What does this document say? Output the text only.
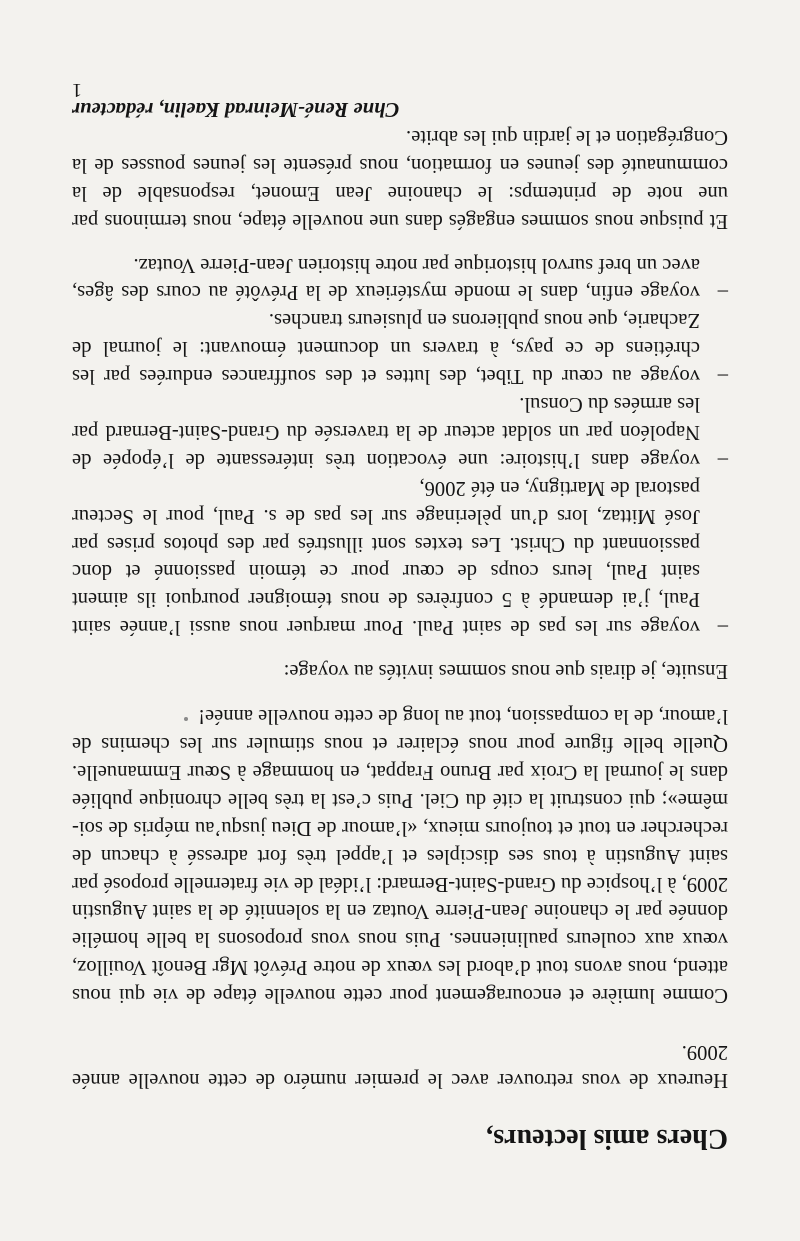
Chers amis lecteurs,

Heureux de vous retrouver avec le premier numéro de cette nouvelle année 2009.

Comme lumière et encouragement pour cette nouvelle étape de vie qui nous attend, nous avons tout d’abord les vœux de notre Prévôt Mgr Benoît Vouilloz, vœux aux couleurs pauliniennes. Puis nous vous proposons la belle homélie donnée par le chanoine Jean-Pierre Voutaz en la solennité de la saint Augustin 2009, à l’hospice du Grand-Saint-Bernard: l’idéal de vie fraternelle proposé par saint Augustin à tous ses disciples et l’appel très fort adressé à chacun de rechercher en tout et toujours mieux, «l’amour de Dieu jusqu’au mépris de soi-même»; qui construit la cité du Ciel. Puis c’est la très belle chronique publiée dans le journal la Croix par Bruno Frappat, en hommage à Sœur Emmanuelle. Quelle belle figure pour nous éclairer et nous stimuler sur les chemins de l’amour, de la compassion, tout au long de cette nouvelle année!

Ensuite, je dirais que nous sommes invités au voyage:

–
voyage sur les pas de saint Paul. Pour marquer nous aussi l’année saint Paul, j’ai demandé à 5 confrères de nous témoigner pourquoi ils aiment saint Paul, leurs coups de cœur pour ce témoin passionné et donc passionnant du Christ. Les textes sont illustrés par des photos prises par José Mittaz, lors d’un pèlerinage sur les pas de s. Paul, pour le Secteur pastoral de Martigny, en été 2006,
–
voyage dans l’histoire: une évocation très intéressante de l’épopée de Napoléon par un soldat acteur de la traversée du Grand-Saint-Bernard par les armées du Consul.
–
voyage au cœur du Tibet, des luttes et des souffrances endurées par les chrétiens de ce pays, à travers un document émouvant: le journal de Zacharie, que nous publierons en plusieurs tranches.
–
voyage enfin, dans le monde mystérieux de la Prévôté au cours des âges, avec un bref survol historique par notre historien Jean-Pierre Voutaz.

Et puisque nous sommes engagés dans une nouvelle étape, nous terminons par une note de printemps: le chanoine Jean Emonet, responsable de la communauté des jeunes en formation, nous présente les jeunes pousses de la Congrégation et le jardin qui les abrite.

Chne René-Meinrad Kaelin, rédacteur
1
